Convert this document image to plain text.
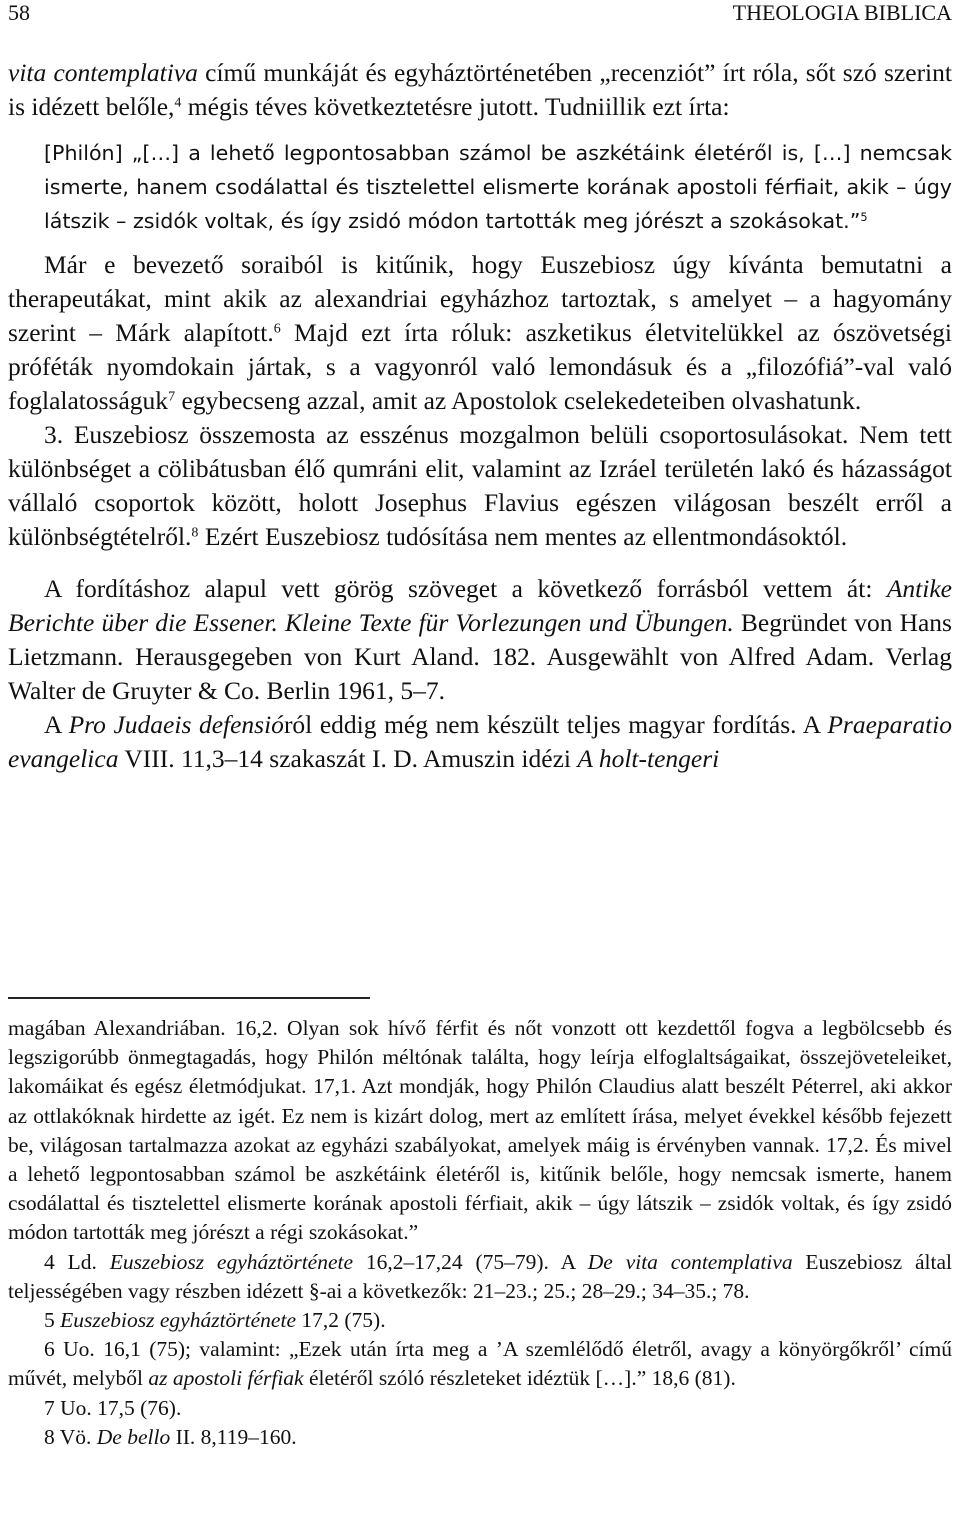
58	THEOLOGIA BIBLICA

vita contemplativa című munkáját és egyháztörténetében „recenziót” írt róla, sőt szó szerint is idézett belőle,$^4$ mégis téves következtetésre jutott. Tudniillik ezt írta:

[Philón] „[…] a lehető legpontosabban számol be aszkétáink életéről is, […] nemcsak ismerte, hanem csodálattal és tisztelettel elismerte korának apostoli férfiait, akik – úgy látszik – zsidók voltak, és így zsidó módon tartották meg jórészt a szokásokat.”$^5$

Már e bevezető soraiból is kitűnik, hogy Euszebiosz úgy kívánta bemutatni a therapeutákat, mint akik az alexandriai egyházhoz tartoztak, s amelyet – a hagyomány szerint – Márk alapított.$^6$ Majd ezt írta róluk: aszketikus életvitelükkel az ószövetségi próféták nyomdokain jártak, s a vagyonról való lemondásuk és a „filozófiá”-val való foglalatosságuk$^7$ egybecseng azzal, amit az Apostolok cselekedeteiben olvashatunk.

3. Euszebiosz összemosta az esszénus mozgalmon belüli csoportosulásokat. Nem tett különbséget a cölibátusban élő qumráni elit, valamint az Izráel területén lakó és házasságot vállaló csoportok között, holott Josephus Flavius egészen világosan beszélt erről a különbségtételről.$^8$ Ezért Euszebiosz tudósítása nem mentes az ellentmondásoktól.

A fordításhoz alapul vett görög szöveget a következő forrásból vettem át: Antike Berichte über die Essener. Kleine Texte für Vorlezungen und Übungen. Begründet von Hans Lietzmann. Herausgegeben von Kurt Aland. 182. Ausgewählt von Alfred Adam. Verlag Walter de Gruyter & Co. Berlin 1961, 5–7.

A Pro Judaeis defensióról eddig még nem készült teljes magyar fordítás. A Praeparatio evangelica VIII. 11,3–14 szakaszát I. D. Amuszin idézi A holt-tengeri

magában Alexandriában. 16,2. Olyan sok hívő férfit és nőt vonzott ott kezdettől fogva a legbölcsebb és legszigorúbb önmegtagadás, hogy Philón méltónak találta, hogy leírja elfoglaltságaikat, összejöveteleiket, lakomáikat és egész életmódjukat. 17,1. Azt mondják, hogy Philón Claudius alatt beszélt Péterrel, aki akkor az ottlakóknak hirdette az igét. Ez nem is kizárt dolog, mert az említett írása, melyet évekkel később fejezett be, világosan tartalmazza azokat az egyházi szabályokat, amelyek máig is érvényben vannak. 17,2. És mivel a lehető legpontosabban számol be aszkétáink életéről is, kitűnik belőle, hogy nemcsak ismerte, hanem csodálattal és tisztelettel elismerte korának apostoli férfiait, akik – úgy látszik – zsidók voltak, és így zsidó módon tartották meg jórészt a régi szokásokat.”

4 Ld. Euszebiosz egyháztörténete 16,2–17,24 (75–79). A De vita contemplativa Euszebiosz által teljességében vagy részben idézett §-ai a következők: 21–23.; 25.; 28–29.; 34–35.; 78.

5 Euszebiosz egyháztörténete 17,2 (75).

6 Uo. 16,1 (75); valamint: „Ezek után írta meg a ’A szemlélődő életről, avagy a könyörgőkről’ című művét, melyből az apostoli férfiak életéről szóló részleteket idéztük […].” 18,6 (81).

7 Uo. 17,5 (76).

8 Vö. De bello II. 8,119–160.
